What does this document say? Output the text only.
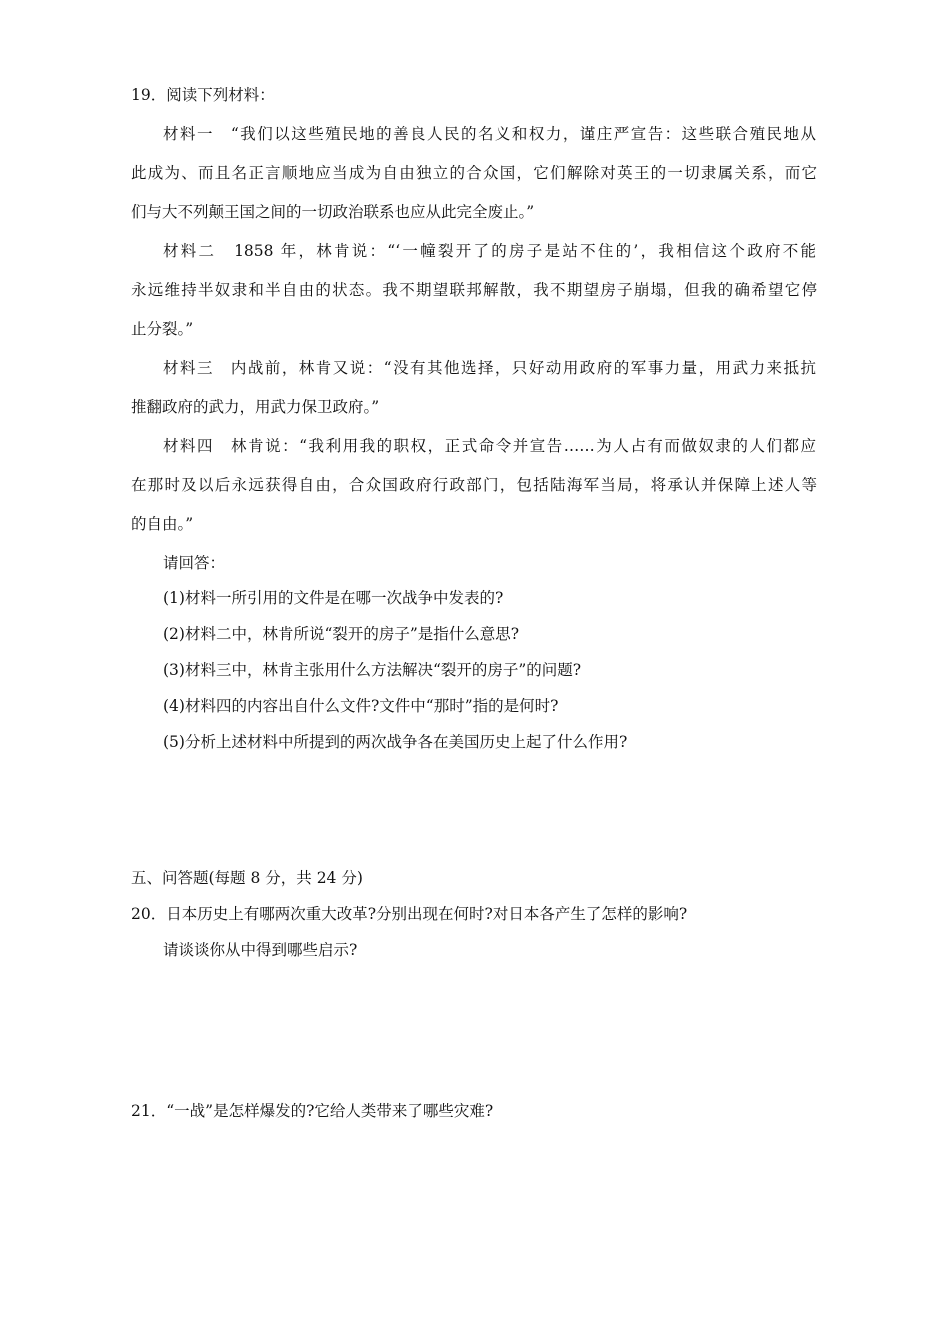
19．阅读下列材料：
材料一　“我们以这些殖民地的善良人民的名义和权力，谨庄严宣告：这些联合殖民地从
此成为、而且名正言顺地应当成为自由独立的合众国，它们解除对英王的一切隶属关系，而它
们与大不列颠王国之间的一切政治联系也应从此完全废止。”
材料二　1858 年，林肯说：“‘一幢裂开了的房子是站不住的’，我相信这个政府不能
永远维持半奴隶和半自由的状态。我不期望联邦解散，我不期望房子崩塌，但我的确希望它停
止分裂。”
材料三　内战前，林肯又说：“没有其他选择，只好动用政府的军事力量，用武力来抵抗
推翻政府的武力，用武力保卫政府。”
材料四　林肯说：“我利用我的职权，正式命令并宣告……为人占有而做奴隶的人们都应
在那时及以后永远获得自由，合众国政府行政部门，包括陆海军当局，将承认并保障上述人等
的自由。”
请回答：
(1)材料一所引用的文件是在哪一次战争中发表的?
(2)材料二中，林肯所说“裂开的房子”是指什么意思?
(3)材料三中，林肯主张用什么方法解决“裂开的房子”的问题?
(4)材料四的内容出自什么文件?文件中“那时”指的是何时?
(5)分析上述材料中所提到的两次战争各在美国历史上起了什么作用?
五、问答题(每题 8 分，共 24 分)
20．日本历史上有哪两次重大改革?分别出现在何时?对日本各产生了怎样的影响?
请谈谈你从中得到哪些启示?
21．“一战”是怎样爆发的?它给人类带来了哪些灾难?
